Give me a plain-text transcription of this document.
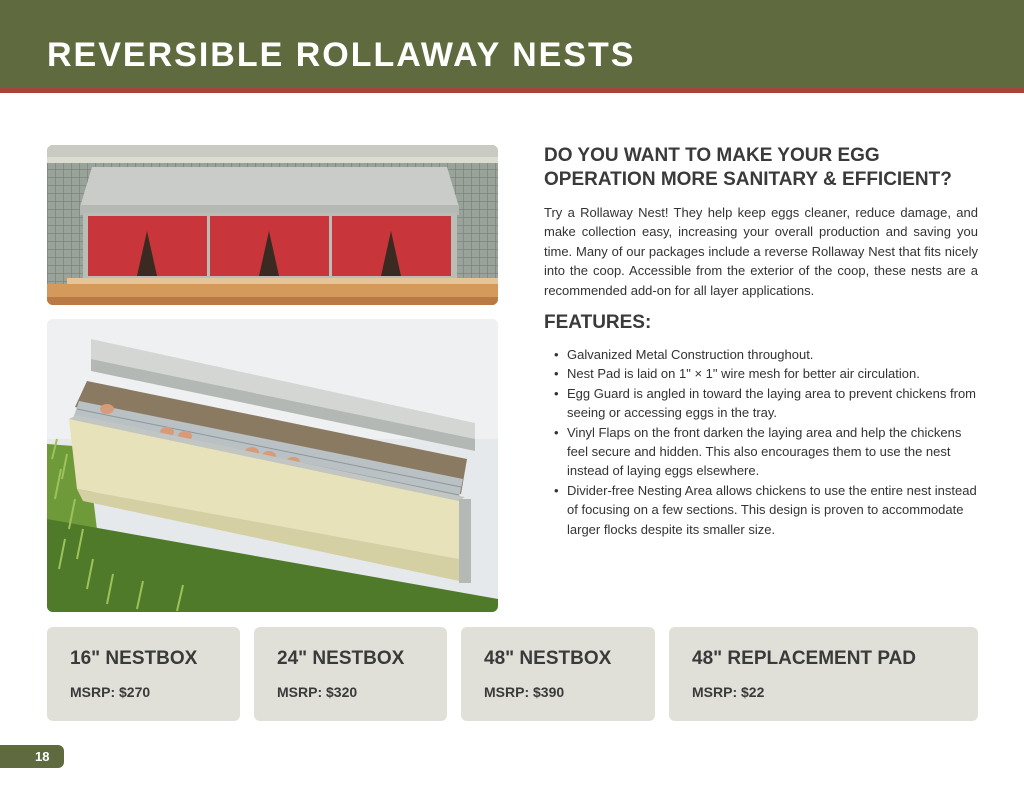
REVERSIBLE ROLLAWAY NESTS
DO YOU WANT TO MAKE YOUR EGG OPERATION MORE SANITARY & EFFICIENT?

Try a Rollaway Nest! They help keep eggs cleaner, reduce damage, and make collection easy, increasing your overall production and saving you time. Many of our packages include a reverse Rollaway Nest that fits nicely into the coop. Accessible from the exterior of the coop, these nests are a recommended add-on for all layer applications.

FEATURES:
• Galvanized Metal Construction throughout.
• Nest Pad is laid on 1" × 1" wire mesh for better air circulation.
• Egg Guard is angled in toward the laying area to prevent chickens from seeing or accessing eggs in the tray.
• Vinyl Flaps on the front darken the laying area and help the chickens feel secure and hidden. This also encourages them to use the nest instead of laying eggs elsewhere.
• Divider-free Nesting Area allows chickens to use the entire nest instead of focusing on a few sections. This design is proven to accommodate larger flocks despite its smaller size.
16" NESTBOX
MSRP: $270
24" NESTBOX
MSRP: $320
48" NESTBOX
MSRP: $390
48" REPLACEMENT PAD
MSRP: $22
18
